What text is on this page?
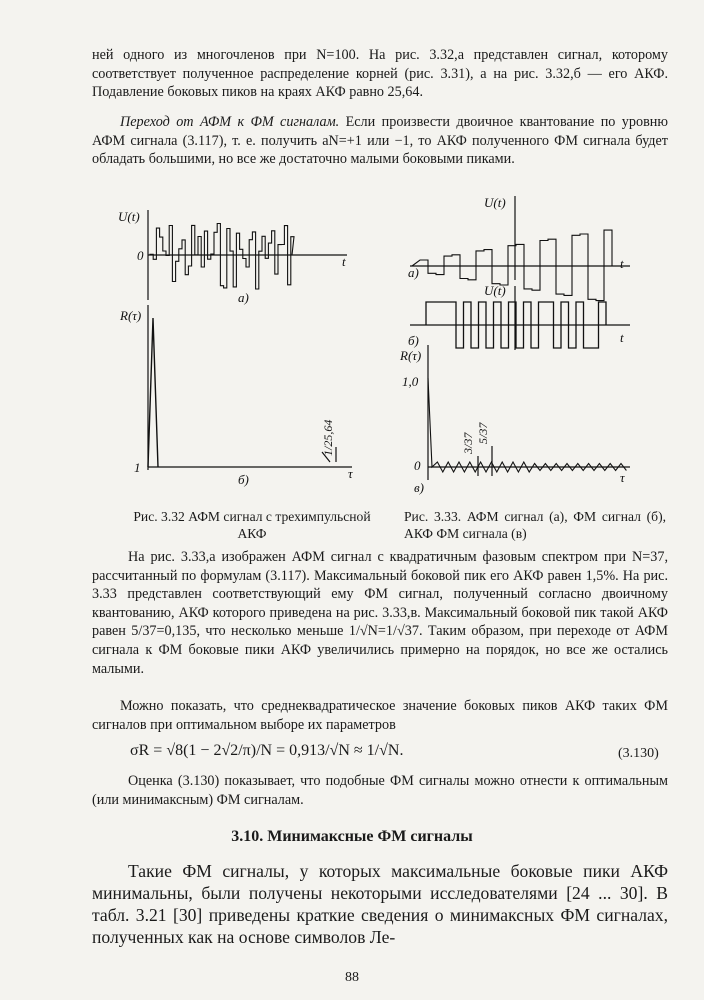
ней одного из многочленов при N=100. На рис. 3.32,а представлен сигнал, которому соответствует полученное распределение корней (рис. 3.31), а на рис. 3.32,б — его АКФ. Подавление боковых пиков на краях АКФ равно 25,64.

Переход от АФМ к ФМ сигналам. Если произвести двоичное квантование по уровню АФМ сигнала (3.117), т. е. получить aN=+1 или −1, то АКФ полученного ФМ сигнала будет обладать большими, но все же достаточно малыми боковыми пиками.

U(t)
0	t
а)
R(τ)
1
б)	τ
1/25,64
U(t)
а)
t
U(t)
б)	t
R(τ)
1,0
0
в)
τ
3/37 5/37

Рис. 3.32 АФМ сигнал с трехимпульсной АКФ

Рис. 3.33. АФМ сигнал (а), ФМ сигнал (б), АКФ ФМ сигнала (в)

На рис. 3.33,а изображен АФМ сигнал с квадратичным фазовым спектром при N=37, рассчитанный по формулам (3.117). Максимальный боковой пик его АКФ равен 1,5%. На рис. 3.33 представлен соответствующий ему ФМ сигнал, полученный согласно двоичному квантованию, АКФ которого приведена на рис. 3.33,в. Максимальный боковой пик такой АКФ равен 5/37=0,135, что несколько меньше 1/√N=1/√37. Таким образом, при переходе от АФМ сигнала к ФМ боковые пики АКФ увеличились примерно на порядок, но все же остались малыми.

Можно показать, что среднеквадратическое значение боковых пиков АКФ таких ФМ сигналов при оптимальном выборе их параметров

σR = √8(1 − 2√2/π)/N = 0,913/√N ≈ 1/√N.	(3.130)

Оценка (3.130) показывает, что подобные ФМ сигналы можно отнести к оптимальным (или минимаксным) ФМ сигналам.

3.10. Минимаксные ФМ сигналы

Такие ФМ сигналы, у которых максимальные боковые пики АКФ минимальны, были получены некоторыми исследователями [24 ... 30]. В табл. 3.21 [30] приведены краткие сведения о минимаксных ФМ сигналах, полученных как на основе символов Ле-

88
